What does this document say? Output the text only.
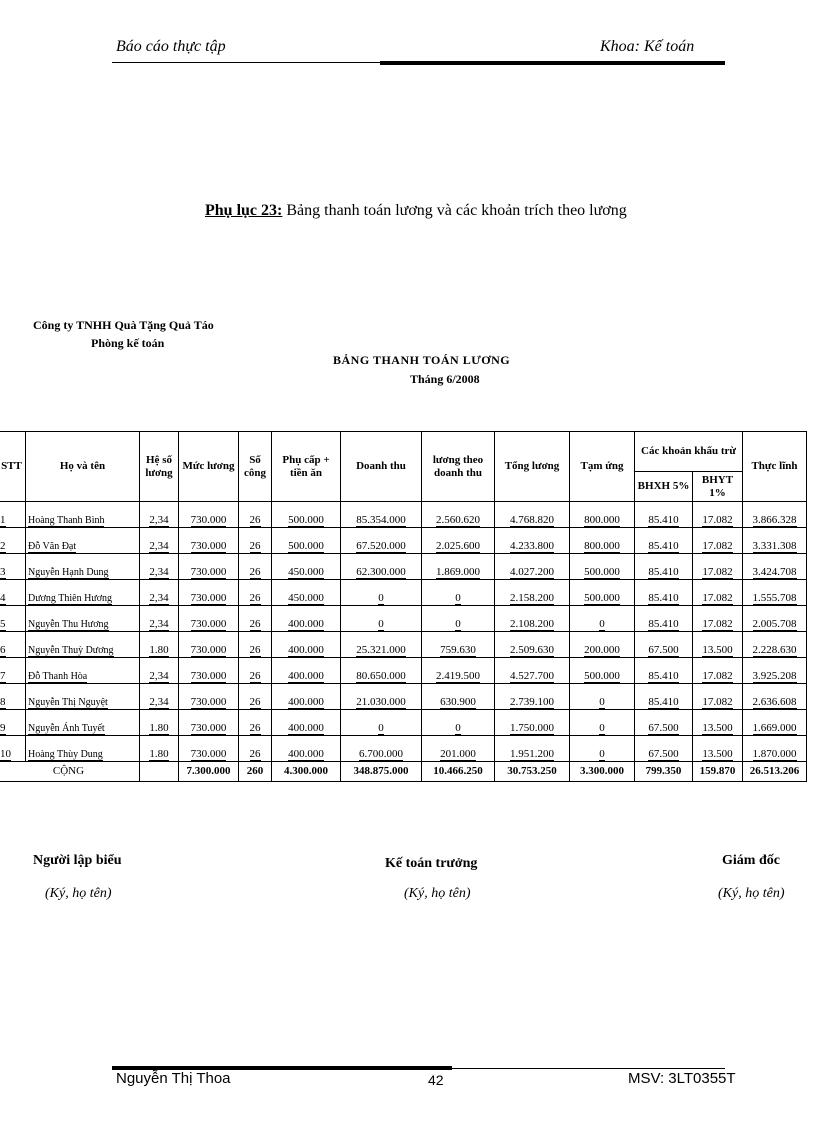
Báo cáo thực tập	Khoa: Kế toán
Phụ lục 23: Bảng thanh toán lương và các khoản trích theo lương
Công ty TNHH Quà Tặng Quả Táo
Phòng kế toán
BẢNG THANH TOÁN LƯƠNG
Tháng 6/2008
STT	Họ và tên	Hệ số lương	Mức lương	Số công	Phụ cấp + tiền ăn	Doanh thu	lương theo doanh thu	Tổng lương	Tạm ứng	Các khoản khấu trừ		Thực lĩnh
										BHXH 5%	BHYT 1%	
1	Hoàng Thanh Bình	2,34	730.000	26	500.000	85.354.000	2.560.620	4.768.820	800.000	85.410	17.082	3.866.328
2	Đỗ Văn Đạt	2,34	730.000	26	500.000	67.520.000	2.025.600	4.233.800	800.000	85.410	17.082	3.331.308
3	Nguyễn Hạnh Dung	2,34	730.000	26	450.000	62.300.000	1.869.000	4.027.200	500.000	85.410	17.082	3.424.708
4	Dương Thiên Hương	2,34	730.000	26	450.000	0	0	2.158.200	500.000	85.410	17.082	1.555.708
5	Nguyễn Thu Hương	2,34	730.000	26	400.000	0	0	2.108.200	0	85.410	17.082	2.005.708
6	Nguyễn Thuỳ Dương	1.80	730.000	26	400.000	25.321.000	759.630	2.509.630	200.000	67.500	13.500	2.228.630
7	Đỗ Thanh Hòa	2,34	730.000	26	400.000	80.650.000	2.419.500	4.527.700	500.000	85.410	17.082	3.925.208
8	Nguyễn Thị Nguyệt	2,34	730.000	26	400.000	21.030.000	630.900	2.739.100	0	85.410	17.082	2.636.608
9	Nguyễn Ánh Tuyết	1.80	730.000	26	400.000	0	0	1.750.000	0	67.500	13.500	1.669.000
10	Hoàng Thùy Dung	1.80	730.000	26	400.000	6.700.000	201.000	1.951.200	0	67.500	13.500	1.870.000
CỘNG			7.300.000	260	4.300.000	348.875.000	10.466.250	30.753.250	3.300.000	799.350	159.870	26.513.206
Người lập biểu
(Ký, họ tên)
Kế toán trưởng
(Ký, họ tên)
Giám đốc
(Ký, họ tên)
Nguyễn Thị Thoa	42	MSV: 3LT0355T
